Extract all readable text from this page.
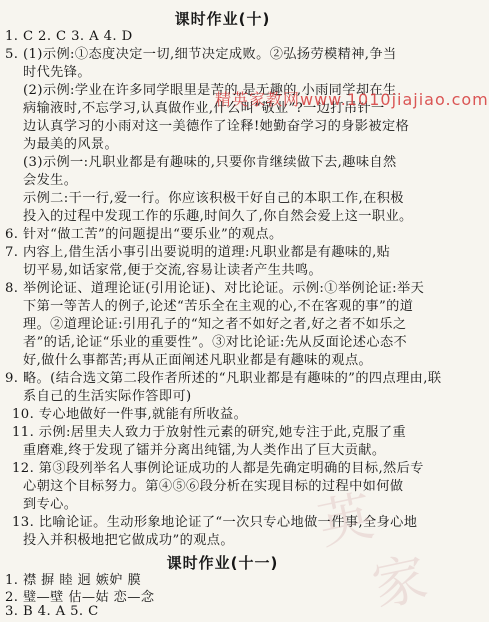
课时作业(十)
1. C 2. C 3. A 4. D
5. (1)示例:①态度决定一切,细节决定成败。②弘扬劳模精神,争当
时代先锋。
(2)示例:学业在许多同学眼里是苦的,是无趣的,小雨同学却在生
病输液时,不忘学习,认真做作业,什么叫“敬业”?一边打吊针一
边认真学习的小雨对这一美德作了诠释!她勤奋学习的身影被定格
为最美的风景。
(3)示例一:凡职业都是有趣味的,只要你肯继续做下去,趣味自然
会发生。
示例二:干一行,爱一行。你应该积极干好自己的本职工作,在积极
投入的过程中发现工作的乐趣,时间久了,你自然会爱上这一职业。
6. 针对“做工苦”的问题提出“要乐业”的观点。
7. 内容上,借生活小事引出要说明的道理:凡职业都是有趣味的,贴
切平易,如话家常,便于交流,容易让读者产生共鸣。
8. 举例论证、道理论证(引用论证)、对比论证。示例:①举例论证:举天
下第一等苦人的例子,论述“苦乐全在主观的心,不在客观的事”的道
理。②道理论证:引用孔子的“知之者不如好之者,好之者不如乐之
者”的话,论证“乐业的重要性”。③对比论证:先从反面论述心态不
好,做什么事都苦;再从正面阐述凡职业都是有趣味的观点。
9. 略。(结合选文第二段作者所述的“凡职业都是有趣味的”的四点理由,联
系自己的生活实际作答即可)
10. 专心地做好一件事,就能有所收益。
11. 示例:居里夫人致力于放射性元素的研究,她专注于此,克服了重
重磨难,终于发现了镭并分离出纯镭,为人类作出了巨大贡献。
12. 第③段列举名人事例论证成功的人都是先确定明确的目标,然后专
心朝这个目标努力。第④⑤⑥段分析在实现目标的过程中如何做
到专心。
13. 比喻论证。生动形象地论证了“一次只专心地做一件事,全身心地
投入并积极地把它做成功”的观点。
课时作业(十一)
1. 襟 摒 睦 迥 嫉妒 膜
2. 璧—壁 估—姑 恋—念
3. B 4. A 5. C
精英家教网www.1010jiajiao.com
英
家
